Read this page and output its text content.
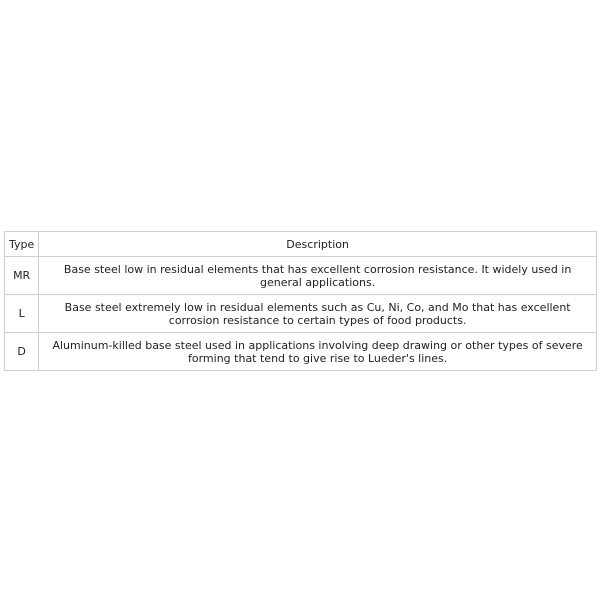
Type	Description
MR	Base steel low in residual elements that has excellent corrosion resistance. It widely used in general applications.
L	Base steel extremely low in residual elements such as Cu, Ni, Co, and Mo that has excellent corrosion resistance to certain types of food products.
D	Aluminum-killed base steel used in applications involving deep drawing or other types of severe forming that tend to give rise to Lueder's lines.
